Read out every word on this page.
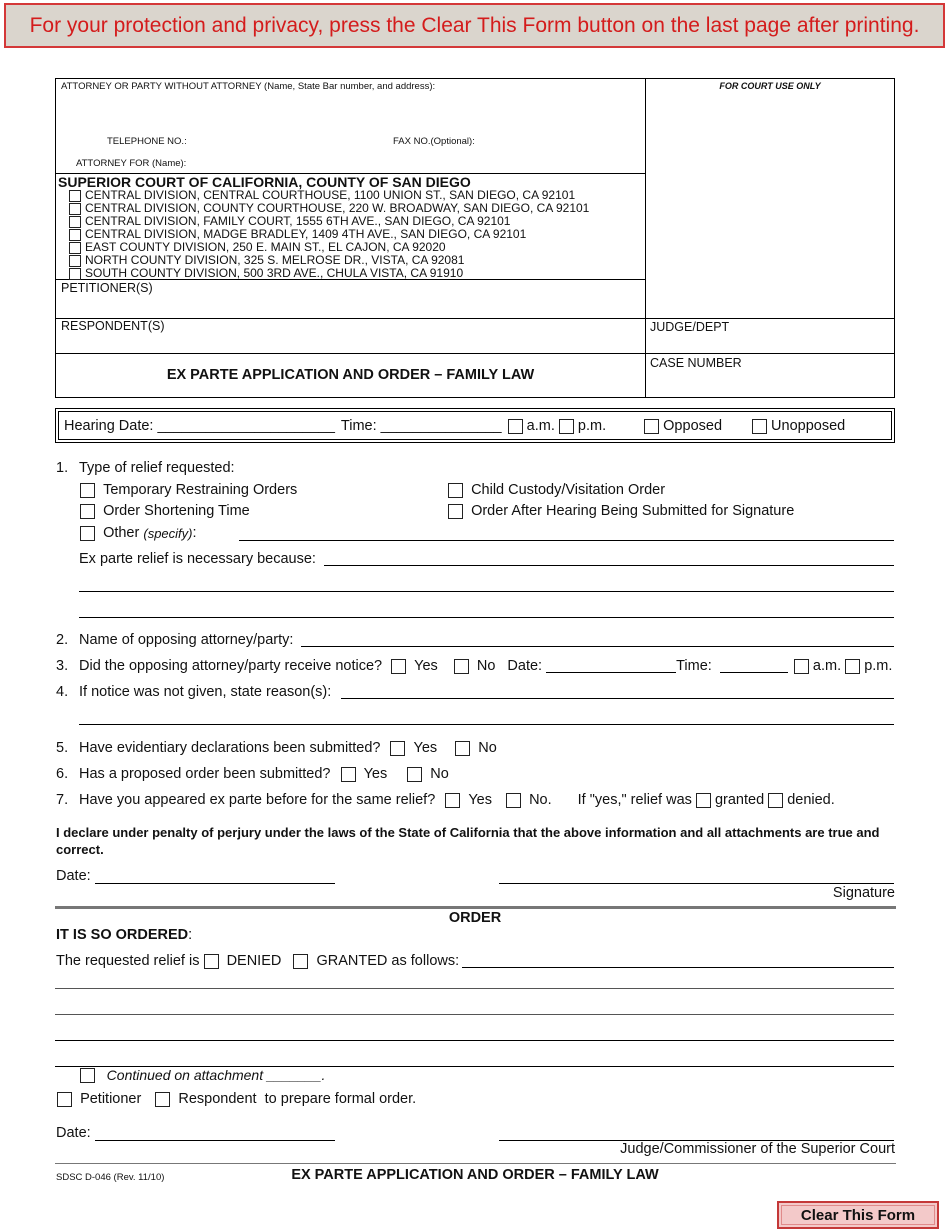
For your protection and privacy, press the Clear This Form button on the last page after printing.
ATTORNEY OR PARTY WITHOUT ATTORNEY (Name, State Bar number, and address):
TELEPHONE NO.:	FAX NO.(Optional):
ATTORNEY FOR (Name):
FOR COURT USE ONLY
SUPERIOR COURT OF CALIFORNIA, COUNTY OF SAN DIEGO
CENTRAL DIVISION, CENTRAL COURTHOUSE, 1100 UNION ST., SAN DIEGO, CA 92101
CENTRAL DIVISION, COUNTY COURTHOUSE, 220 W. BROADWAY, SAN DIEGO, CA 92101
CENTRAL DIVISION, FAMILY COURT, 1555 6TH AVE., SAN DIEGO, CA 92101
CENTRAL DIVISION, MADGE BRADLEY, 1409 4TH AVE., SAN DIEGO, CA 92101
EAST COUNTY DIVISION, 250 E. MAIN ST., EL CAJON, CA 92020
NORTH COUNTY DIVISION, 325 S. MELROSE DR., VISTA, CA 92081
SOUTH COUNTY DIVISION, 500 3RD AVE., CHULA VISTA, CA 91910
PETITIONER(S)
RESPONDENT(S)	JUDGE/DEPT
CASE NUMBER
EX PARTE APPLICATION AND ORDER – FAMILY LAW
Hearing Date: ______________________ Time: _______________
a.m.

p.m.
	Opposed
	Unopposed
1. Type of relief requested:

Temporary Restraining Orders

Order Shortening Time

Other
(specify) :

Child Custody/Visitation Order

Order After Hearing Being Submitted for Signature
Ex parte relief is necessary because:
2. Name of opposing attorney/party:
3. Did the opposing attorney/party receive notice?
Yes
	No Date:
	Time:

	a.m.

p.m.
4. If notice was not given, state reason(s):
5. Have evidentiary declarations been submitted?
Yes
	No
6. Has a proposed order been submitted?
Yes
	No
7. Have you appeared ex parte before for the same relief?
Yes
	No. If "yes," relief was

granted

denied.
I declare under penalty of perjury under the laws of the State of California that the above information and all attachments are true and correct.
Date:
Signature
ORDER
IT IS SO ORDERED:
The requested relief is

DENIED

GRANTED as follows:

Continued on attachment _______.

Petitioner
	Respondent
to prepare formal order.
Date:
Judge/Commissioner of the Superior Court
SDSC D-046 (Rev. 11/10)	EX PARTE APPLICATION AND ORDER – FAMILY LAW
Clear This Form
